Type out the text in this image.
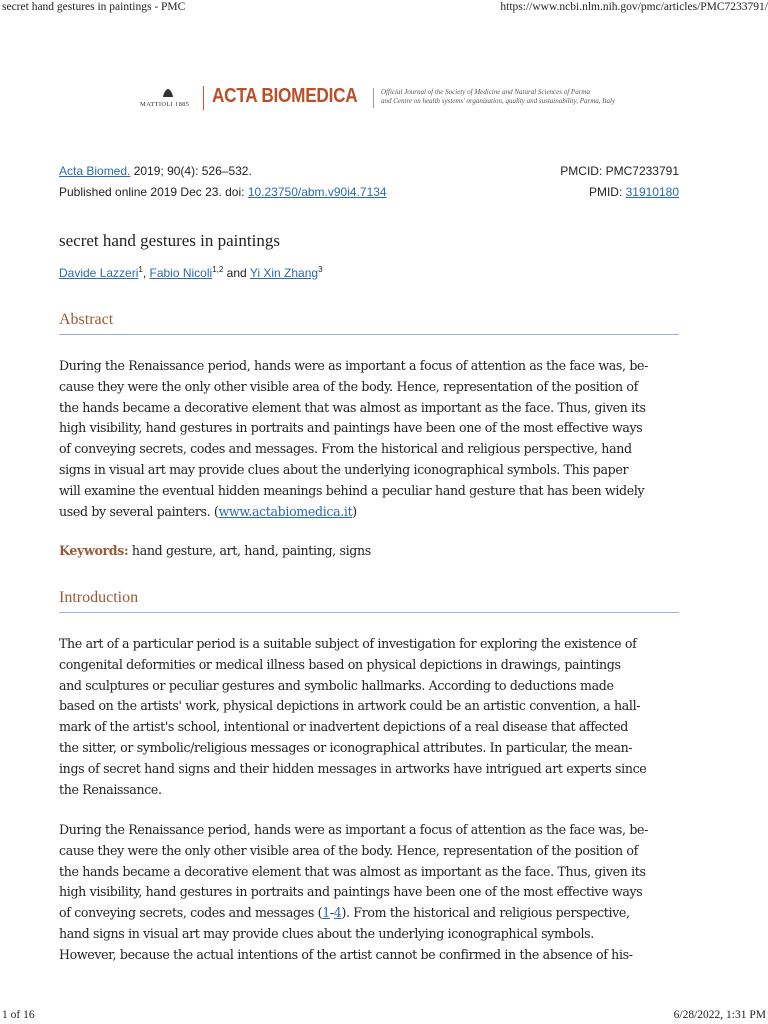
secret hand gestures in paintings - PMC	https://www.ncbi.nlm.nih.gov/pmc/articles/PMC7233791/
MATTIOLI 1885 ACTA BIOMEDICA	Official Journal of the Society of Medicine and Natural Sciences of Parma
and Centre on health systems' organization, quality and sustainability, Parma, Italy
Acta Biomed. 2019; 90(4): 526–532.	PMCID: PMC7233791
Published online 2019 Dec 23. doi: 10.23750/abm.v90i4.7134	PMID: 31910180
secret hand gestures in paintings
Davide Lazzeri$^1$, Fabio Nicoli$^{1,2}$ and Yi Xin Zhang$^3$
Abstract
During the Renaissance period, hands were as important a focus of attention as the face was, be-
cause they were the only other visible area of the body. Hence, representation of the position of
the hands became a decorative element that was almost as important as the face. Thus, given its
high visibility, hand gestures in portraits and paintings have been one of the most effective ways
of conveying secrets, codes and messages. From the historical and religious perspective, hand
signs in visual art may provide clues about the underlying iconographical symbols. This paper
will examine the eventual hidden meanings behind a peculiar hand gesture that has been widely
used by several painters. (www.actabiomedica.it)
Keywords: hand gesture, art, hand, painting, signs
Introduction
The art of a particular period is a suitable subject of investigation for exploring the existence of
congenital deformities or medical illness based on physical depictions in drawings, paintings
and sculptures or peculiar gestures and symbolic hallmarks. According to deductions made
based on the artists' work, physical depictions in artwork could be an artistic convention, a hall-
mark of the artist's school, intentional or inadvertent depictions of a real disease that affected
the sitter, or symbolic/religious messages or iconographical attributes. In particular, the mean-
ings of secret hand signs and their hidden messages in artworks have intrigued art experts since
the Renaissance.
During the Renaissance period, hands were as important a focus of attention as the face was, be-
cause they were the only other visible area of the body. Hence, representation of the position of
the hands became a decorative element that was almost as important as the face. Thus, given its
high visibility, hand gestures in portraits and paintings have been one of the most effective ways
of conveying secrets, codes and messages (1-4). From the historical and religious perspective,
hand signs in visual art may provide clues about the underlying iconographical symbols.
However, because the actual intentions of the artist cannot be confirmed in the absence of his-
1 of 16	6/28/2022, 1:31 PM
